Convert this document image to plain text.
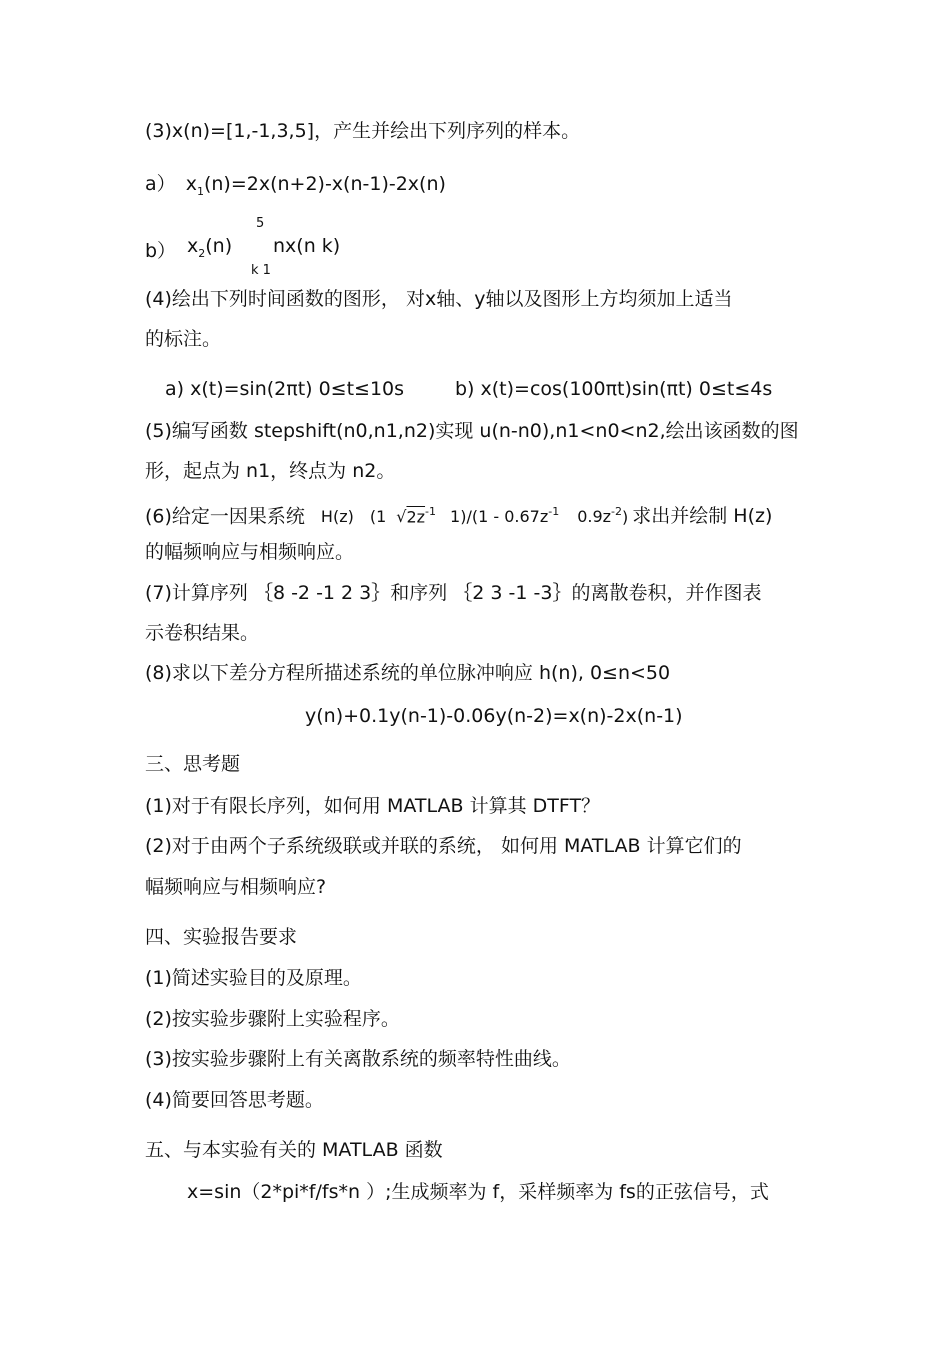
(3)x(n)=[1,-1,3,5]，产生并绘出下列序列的样本。
a） $x_1(n)=2x(n+2)-x(n-1)-2x(n)$
5
b） $x_2(n)$ nx(n k)
k 1
(4)绘出下列时间函数的图形， 对x轴、y轴以及图形上方均须加上适当
的标注。
a) x(t)=sin(2πt) 0≤t≤10s	b) x(t)=cos(100πt)sin(πt) 0≤t≤4s
(5)编写函数 stepshift(n0,n1,n2)实现 u(n-n0),n1<n0<n2,绘出该函数的图
形，起点为 n1，终点为 n2。
(6)给定一因果系统 H(z) (1 $√2z^{-1}$ $1)/(1 - 0.67z^{-1}$ $0.9z^{-2}$) 求出并绘制 H(z)
的幅频响应与相频响应。
(7)计算序列 ｛8 -2 -1 2 3｝和序列 ｛2 3 -1 -3｝的离散卷积，并作图表
示卷积结果。
(8)求以下差分方程所描述系统的单位脉冲响应 h(n), 0≤n<50
y(n)+0.1y(n-1)-0.06y(n-2)=x(n)-2x(n-1)
三、思考题
(1)对于有限长序列，如何用 MATLAB 计算其 DTFT？
(2)对于由两个子系统级联或并联的系统， 如何用 MATLAB 计算它们的
幅频响应与相频响应?
四、实验报告要求
(1)简述实验目的及原理。
(2)按实验步骤附上实验程序。
(3)按实验步骤附上有关离散系统的频率特性曲线。
(4)简要回答思考题。
五、与本实验有关的 MATLAB 函数
x=sin（2*pi*f/fs*n ）;生成频率为 f，采样频率为 fs的正弦信号，式
